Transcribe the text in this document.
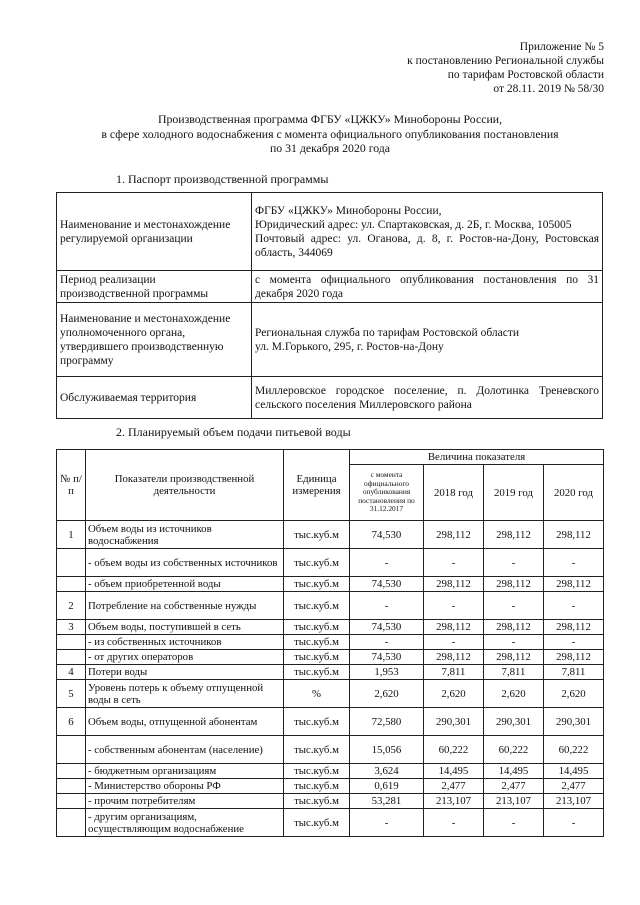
Приложение № 5
к постановлению Региональной службы
по тарифам Ростовской области
от 28.11. 2019 № 58/30
Производственная программа ФГБУ «ЦЖКУ» Минобороны России,
в сфере холодного водоснабжения с момента официального опубликования постановления
по 31 декабря 2020 года
1. Паспорт производственной программы
Наименование и местонахождение регулируемой организации	ФГБУ «ЦЖКУ» Минобороны России,
Юридический адрес: ул. Спартаковская, д. 2Б, г. Москва, 105005
Почтовый адрес: ул. Оганова, д. 8, г. Ростов-на-Дону, Ростовская область, 344069

Период реализации производственной программы	с момента официального опубликования постановления по 31 декабря 2020 года

Наименование и местонахождение уполномоченного органа, утвердившего производственную программу	Региональная служба по тарифам Ростовской области
ул. М.Горького, 295, г. Ростов-на-Дону

Обслуживаемая территория	Миллеровское городское поселение, п. Долотинка Треневского сельского поселения Миллеровского района
2. Планируемый объем подачи питьевой воды
№ п/п	Показатели производственной деятельности	Единица измерения	Величина показателя			
			с момента официального опубликования постановления по 31.12.2017	2018 год	2019 год	2020 год
1	Объем воды из источников водоснабжения	тыс.куб.м	74,530	298,112	298,112	298,112
	- объем воды из собственных источников	тыс.куб.м	-	-	-	-
	- объем приобретенной воды	тыс.куб.м	74,530	298,112	298,112	298,112
2	Потребление на собственные нужды	тыс.куб.м	-	-	-	-
3	Объем воды, поступившей в сеть	тыс.куб.м	74,530	298,112	298,112	298,112
	- из собственных источников	тыс.куб.м	-	-	-	-
	- от других операторов	тыс.куб.м	74,530	298,112	298,112	298,112
4	Потери воды	тыс.куб.м	1,953	7,811	7,811	7,811
5	Уровень потерь к объему отпущенной воды в сеть	%	2,620	2,620	2,620	2,620
6	Объем воды, отпущенной абонентам	тыс.куб.м	72,580	290,301	290,301	290,301
	- собственным абонентам (население)	тыс.куб.м	15,056	60,222	60,222	60,222
	- бюджетным организациям	тыс.куб.м	3,624	14,495	14,495	14,495
	- Министерство обороны РФ	тыс.куб.м	0,619	2,477	2,477	2,477
	- прочим потребителям	тыс.куб.м	53,281	213,107	213,107	213,107
	- другим организациям, осуществляющим водоснабжение	тыс.куб.м	-	-	-	-
